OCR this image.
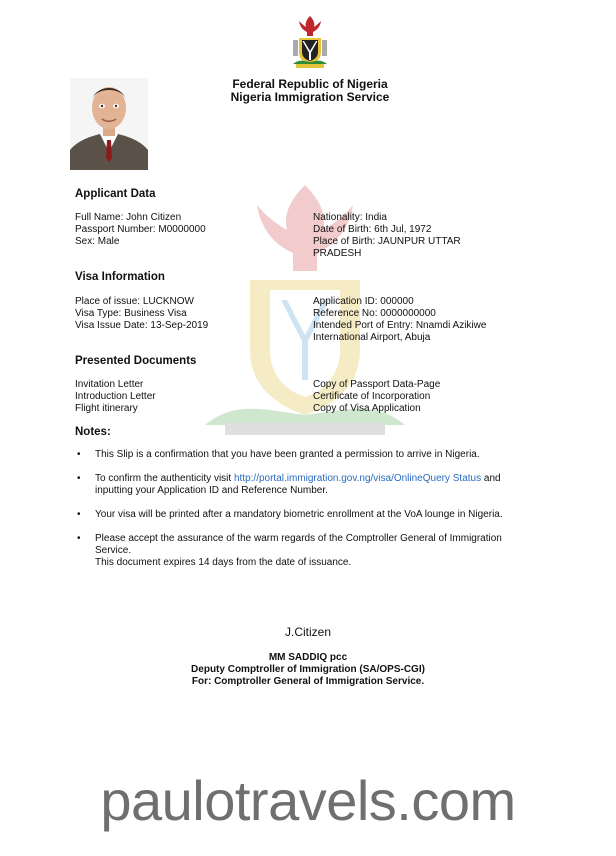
Federal Republic of Nigeria
Nigeria Immigration Service
Applicant Data
Full Name: John Citizen
Passport Number: M0000000
Sex: Male
Nationality: India
Date of Birth: 6th Jul, 1972
Place of Birth: JAUNPUR UTTAR
PRADESH
Visa Information
Place of issue: LUCKNOW
Visa Type: Business Visa
Visa Issue Date: 13-Sep-2019
Application ID: 000000
Reference No: 0000000000
Intended Port of Entry: Nnamdi Azikiwe
International Airport, Abuja
Presented Documents
Invitation Letter
Introduction Letter
Flight itinerary
Copy of Passport Data-Page
Certificate of Incorporation
Copy of Visa Application
Notes:
• This Slip is a confirmation that you have been granted a permission to arrive in Nigeria.
• To confirm the authenticity visit http://portal.immigration.gov.ng/visa/OnlineQuery Status and inputting your Application ID and Reference Number.
• Your visa will be printed after a mandatory biometric enrollment at the VoA lounge in Nigeria.
• Please accept the assurance of the warm regards of the Comptroller General of Immigration Service.
This document expires 14 days from the date of issuance.
J.Citizen
MM SADDIQ pcc
Deputy Comptroller of Immigration (SA/OPS-CGI)
For: Comptroller General of Immigration Service.
paulotravels.com
